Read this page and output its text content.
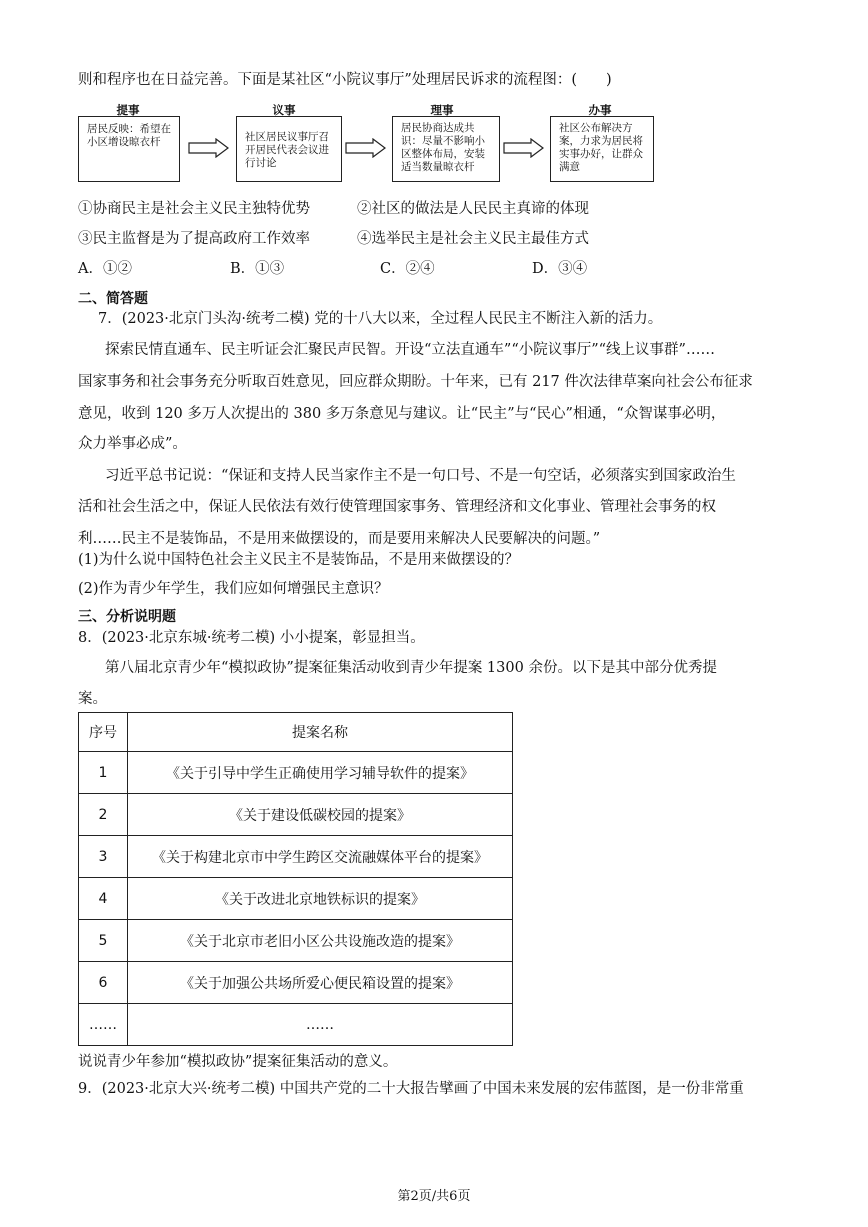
则和程序也在日益完善。下面是某社区“小院议事厅”处理居民诉求的流程图：(　　)
提事
居民反映：希望在小区增设晾衣杆
议事
社区居民议事厅召开居民代表会议进行讨论
理事
居民协商达成共识：尽量不影响小区整体布局，安装适当数量晾衣杆
办事
社区公布解决方案，力求为居民将实事办好，让群众满意
①协商民主是社会主义民主独特优势	②社区的做法是人民民主真谛的体现
③民主监督是为了提高政府工作效率	④选举民主是社会主义民主最佳方式
A．①②	B．①③	C．②④	D．③④
二、简答题
7．(2023·北京门头沟·统考二模) 党的十八大以来，全过程人民民主不断注入新的活力。
探索民情直通车、民主听证会汇聚民声民智。开设“立法直通车”“小院议事厅”“线上议事群”……
国家事务和社会事务充分听取百姓意见，回应群众期盼。十年来，已有 217 件次法律草案向社会公布征求
意见，收到 120 多万人次提出的 380 多万条意见与建议。让“民主”与“民心”相通，“众智谋事必明，
众力举事必成”。
习近平总书记说：“保证和支持人民当家作主不是一句口号、不是一句空话，必须落实到国家政治生
活和社会生活之中，保证人民依法有效行使管理国家事务、管理经济和文化事业、管理社会事务的权
利……民主不是装饰品，不是用来做摆设的，而是要用来解决人民要解决的问题。”
(1)为什么说中国特色社会主义民主不是装饰品，不是用来做摆设的？
(2)作为青少年学生，我们应如何增强民主意识？
三、分析说明题
8．(2023·北京东城·统考二模) 小小提案，彰显担当。
第八届北京青少年“模拟政协”提案征集活动收到青少年提案 1300 余份。以下是其中部分优秀提
案。
序号	提案名称
1	《关于引导中学生正确使用学习辅导软件的提案》
2	《关于建设低碳校园的提案》
3	《关于构建北京市中学生跨区交流融媒体平台的提案》
4	《关于改进北京地铁标识的提案》
5	《关于北京市老旧小区公共设施改造的提案》
6	《关于加强公共场所爱心便民箱设置的提案》
……	……
说说青少年参加“模拟政协”提案征集活动的意义。
9．(2023·北京大兴·统考二模) 中国共产党的二十大报告擘画了中国未来发展的宏伟蓝图，是一份非常重
第2页/共6页
